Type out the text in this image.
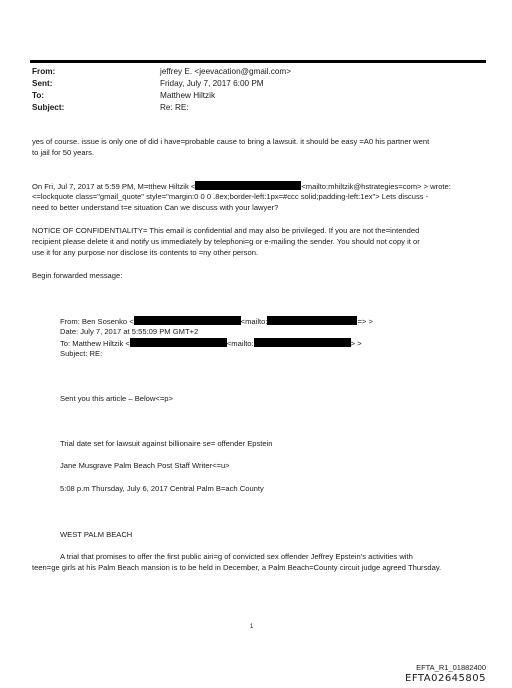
From:	jeffrey E. <jeevacation@gmail.com>
Sent:	Friday, July 7, 2017 6:00 PM
To:	Matthew Hiltzik
Subject:	Re: RE:
yes of course. issue is only one of did i have=probable cause to bring a lawsuit. it should be easy =A0 his partner went
to jail for 50 years.
On Fri, Jul 7, 2017 at 5:59 PM, M=tthew Hiltzik <	<mailto:mhiltzik@hstrategies=com> > wrote:
<=lockquote class="gmail_quote" style="margin:0 0 0 .8ex;border-left:1px=#ccc solid;padding-left:1ex"> Lets discuss -
need to better understand t=e situation Can we discuss with your lawyer?
NOTICE OF CONFIDENTIALITY= This email is confidential and may also be privileged. If you are not the=intended
recipient please delete it and notify us immediately by telephoni=g or e-mailing the sender. You should not copy it or
use it for any purpose nor disclose its contents to =ny other person.
Begin forwarded message:
From: Ben Sosenko <	<mailto:	=> >
Date: July 7, 2017 at 5:55:09 PM GMT+2
To: Matthew Hiltzik <	<mailto:	> >
Subject: RE:
Sent you this article – Below<=p>
Trial date set for lawsuit against billionaire se= offender Epstein
Jane Musgrave Palm Beach Post Staff Writer<=u>
5:08 p.m Thursday, July 6, 2017 Central Palm B=ach County
WEST PALM BEACH
A trial that promises to offer the first public airi=g of convicted sex offender Jeffrey Epstein's activities with
teen=ge girls at his Palm Beach mansion is to be held in December, a Palm Beach=County circuit judge agreed Thursday.
1
EFTA_R1_01882400
EFTA02645805
